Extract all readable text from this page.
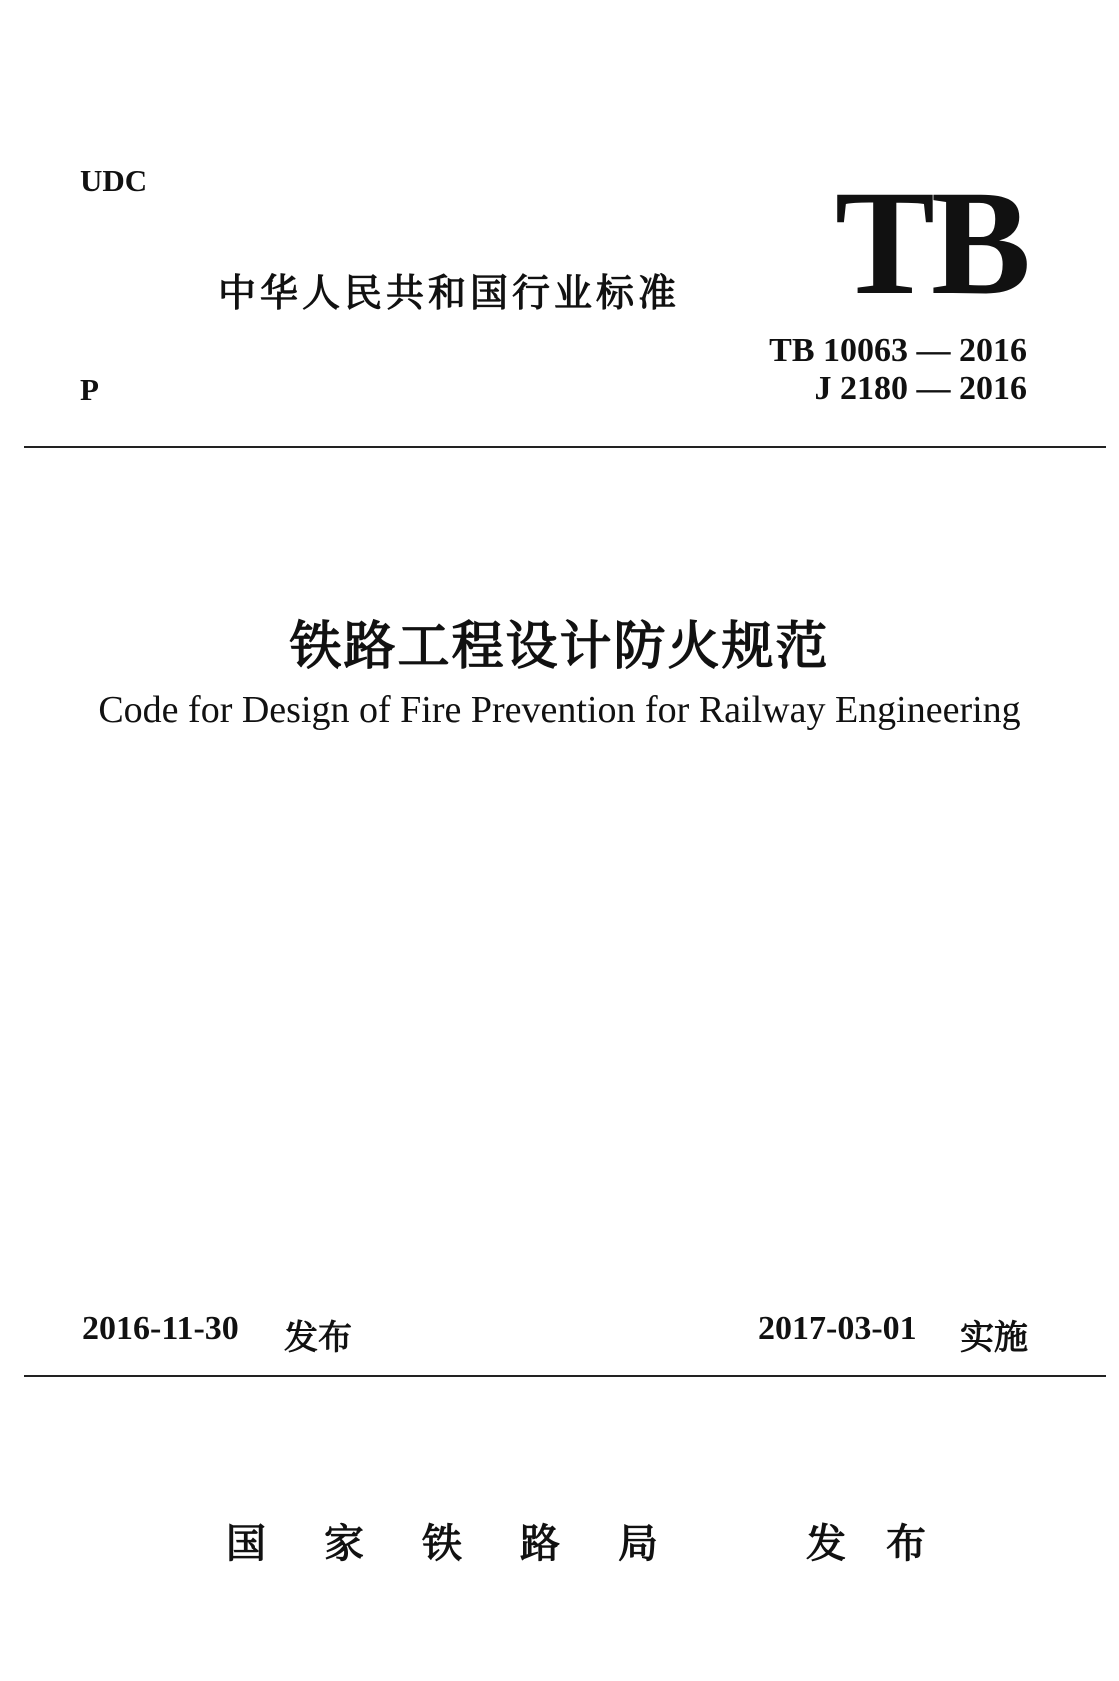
UDC
中华人民共和国行业标准 TB
TB 10063 — 2016
J 2180 — 2016
P
铁路工程设计防火规范
Code for Design of Fire Prevention for Railway Engineering
2016-11-30 发布	2017-03-01 实施
国家铁路局 发布
